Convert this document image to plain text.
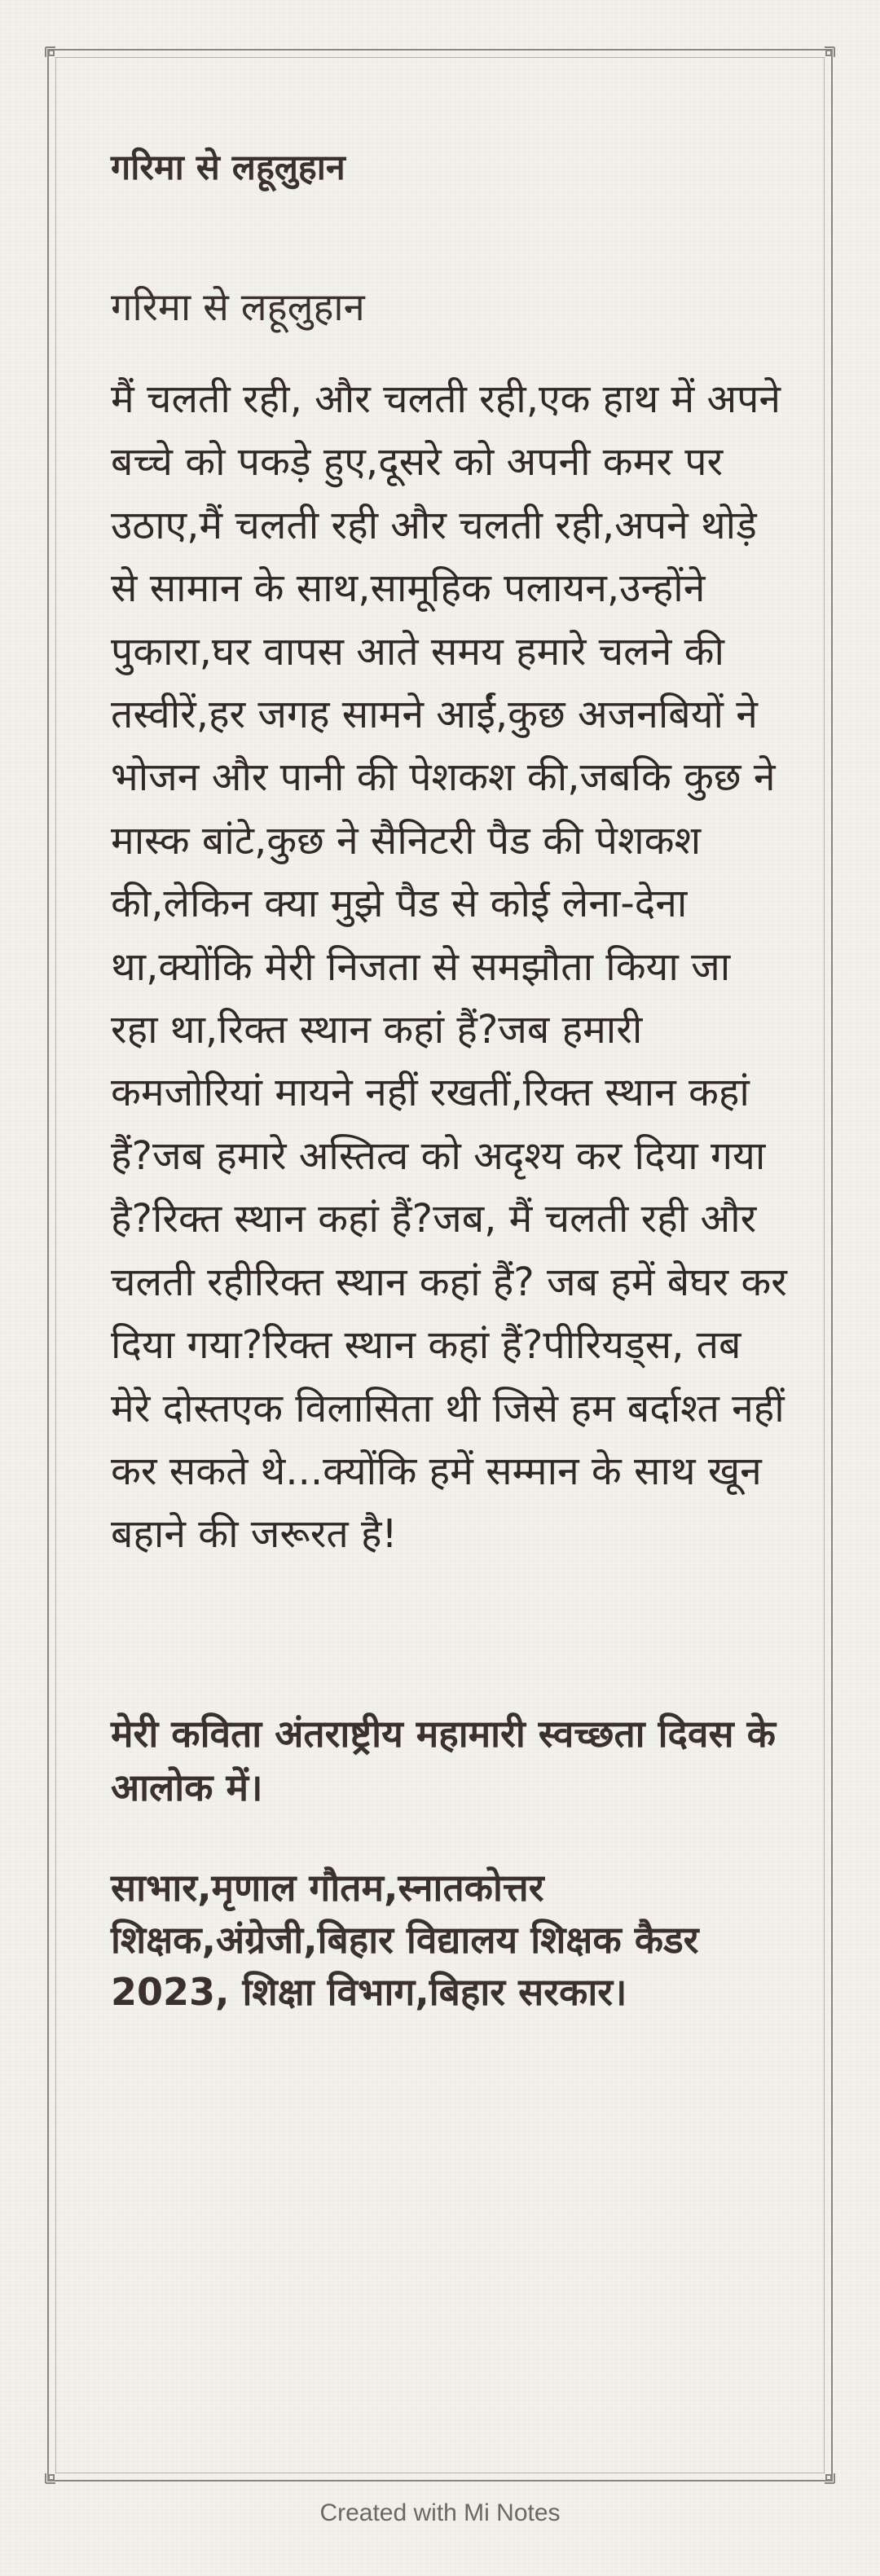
गरिमा से लहूलुहान
गरिमा से लहूलुहान

मैं चलती रही, और चलती रही,एक हाथ में अपने बच्चे को पकड़े हुए,दूसरे को अपनी कमर पर उठाए,मैं चलती रही और चलती रही,अपने थोड़े से सामान के साथ,सामूहिक पलायन,उन्होंने पुकारा,घर वापस आते समय हमारे चलने की तस्वीरें,हर जगह सामने आईं,कुछ अजनबियों ने भोजन और पानी की पेशकश की,जबकि कुछ ने मास्क बांटे,कुछ ने सैनिटरी पैड की पेशकश की,लेकिन क्या मुझे पैड से कोई लेना-देना था,क्योंकि मेरी निजता से समझौता किया जा रहा था,रिक्त स्थान कहां हैं?जब हमारी कमजोरियां मायने नहीं रखतीं,रिक्त स्थान कहां हैं?जब हमारे अस्तित्व को अदृश्य कर दिया गया है?रिक्त स्थान कहां हैं?जब, मैं चलती रही और चलती रहीरिक्त स्थान कहां हैं? जब हमें बेघर कर दिया गया?रिक्त स्थान कहां हैं?पीरियड्स, तब मेरे दोस्तएक विलासिता थी जिसे हम बर्दाश्त नहीं कर सकते थे...क्योंकि हमें सम्मान के साथ खून बहाने की जरूरत है!

मेरी कविता अंतराष्ट्रीय महामारी स्वच्छता दिवस के आलोक में।

साभार,मृणाल गौतम,स्नातकोत्तर शिक्षक,अंग्रेजी,बिहार विद्यालय शिक्षक कैडर 2023, शिक्षा विभाग,बिहार सरकार।

Created with Mi Notes
